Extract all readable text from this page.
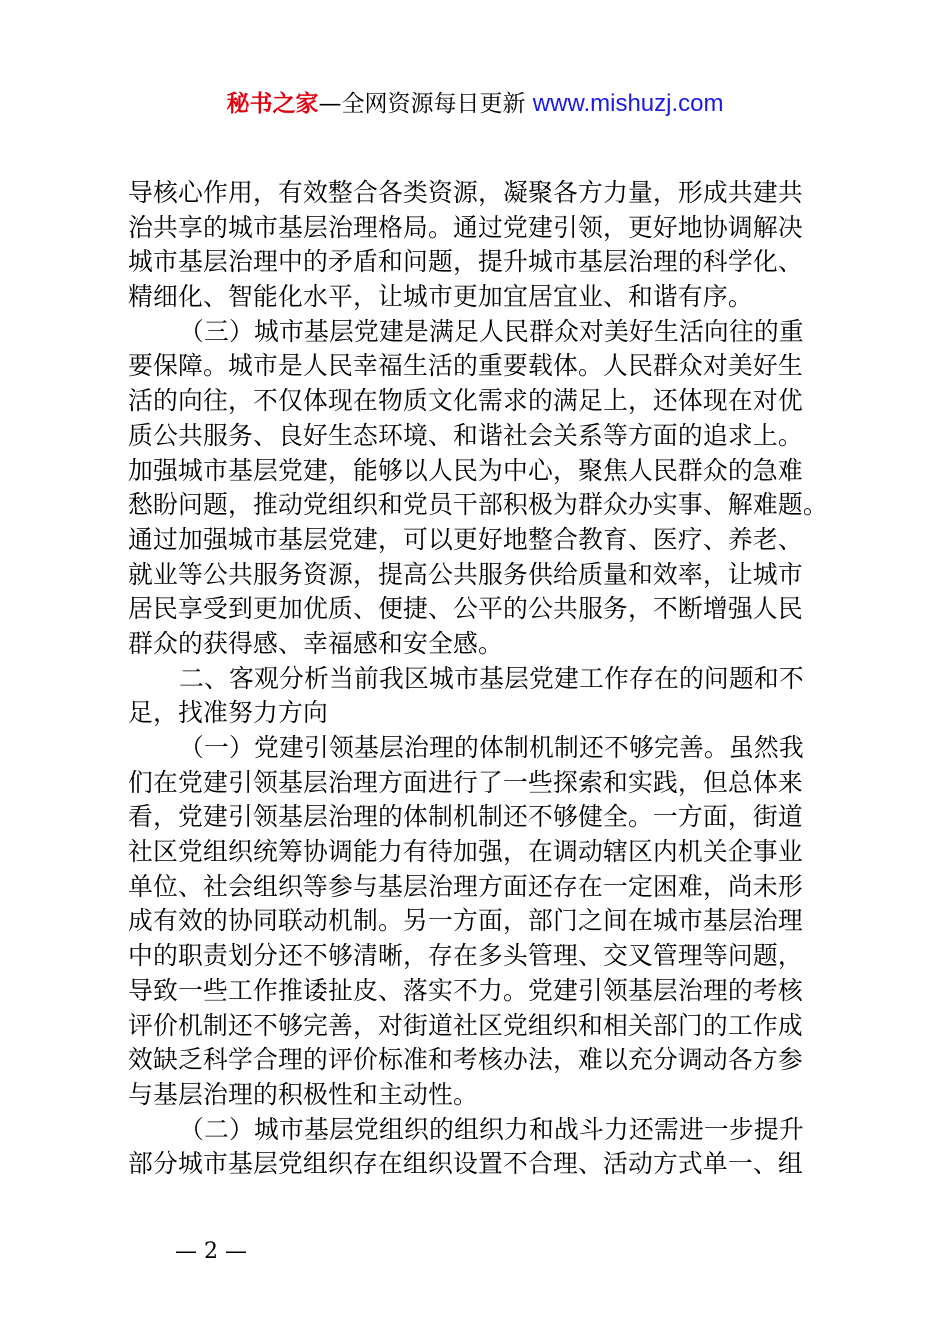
秘书之家—全网资源每日更新 www.mishuzj.com
导核心作用，有效整合各类资源，凝聚各方力量，形成共建共
治共享的城市基层治理格局。通过党建引领，更好地协调解决
城市基层治理中的矛盾和问题，提升城市基层治理的科学化、
精细化、智能化水平，让城市更加宜居宜业、和谐有序。
（三）城市基层党建是满足人民群众对美好生活向往的重
要保障。城市是人民幸福生活的重要载体。人民群众对美好生
活的向往，不仅体现在物质文化需求的满足上，还体现在对优
质公共服务、良好生态环境、和谐社会关系等方面的追求上。
加强城市基层党建，能够以人民为中心，聚焦人民群众的急难
愁盼问题，推动党组织和党员干部积极为群众办实事、解难题。
通过加强城市基层党建，可以更好地整合教育、医疗、养老、
就业等公共服务资源，提高公共服务供给质量和效率，让城市
居民享受到更加优质、便捷、公平的公共服务，不断增强人民
群众的获得感、幸福感和安全感。
二、客观分析当前我区城市基层党建工作存在的问题和不
足，找准努力方向
（一）党建引领基层治理的体制机制还不够完善。虽然我
们在党建引领基层治理方面进行了一些探索和实践，但总体来
看，党建引领基层治理的体制机制还不够健全。一方面，街道
社区党组织统筹协调能力有待加强，在调动辖区内机关企事业
单位、社会组织等参与基层治理方面还存在一定困难，尚未形
成有效的协同联动机制。另一方面，部门之间在城市基层治理
中的职责划分还不够清晰，存在多头管理、交叉管理等问题，
导致一些工作推诿扯皮、落实不力。党建引领基层治理的考核
评价机制还不够完善，对街道社区党组织和相关部门的工作成
效缺乏科学合理的评价标准和考核办法，难以充分调动各方参
与基层治理的积极性和主动性。
（二）城市基层党组织的组织力和战斗力还需进一步提升
部分城市基层党组织存在组织设置不合理、活动方式单一、组
— 2 —
